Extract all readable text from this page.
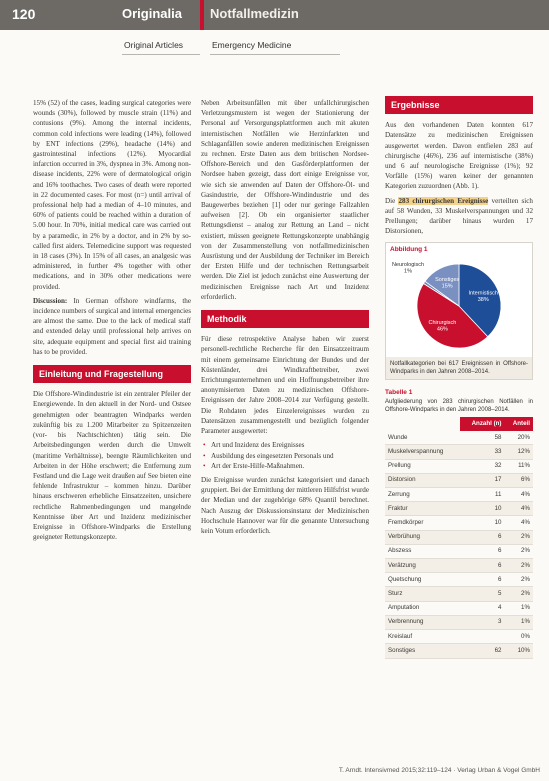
120	Originalia Notfallmedizin
Original Articles	Emergency Medicine

15% (52) of the cases, leading surgical categories were wounds (30%), followed by muscle strain (11%) and contusions (9%). Among the internal incidents, common cold infections were leading (14%), followed by ENT infections (29%), headache (14%) and gastrointestinal infections (12%). Myocardial infarction occurred in 3%, dyspnea in 3%. Among non-disease incidents, 22% were of dermatological origin and 16% toothaches. Two cases of death were reported in 22 documented cases. For most (n=) until arrival of professional help had a median of 4–10 minutes, and 60% of patients could be reached within a duration of 5.00 hour. In 70%, initial medical care was carried out by a paramedic, in 2% by a doctor, and in 2% by so-called first aiders. Telemedicine support was requested in 18 cases (3%). In 15% of all cases, an analgesic was administered, in further 4% together with other medications, and in 30% other medications were provided.

Discussion: In German offshore windfarms, the incidence numbers of surgical and internal emergencies are almost the same. Due to the lack of medical staff and extended delay until professional help arrives on site, adequate equipment and special first aid training has to be provided.

Einleitung und Fragestellung

Die Offshore-Windindustrie ist ein zentraler Pfeiler der Energiewende. In den aktuell in der Nord- und Ostsee genehmigten oder beantragten Windparks werden zukünftig bis zu 1.200 Mitarbeiter zu Spitzenzeiten (vor- bis Nachtschichten) tätig sein. Die Arbeitsbedingungen werden durch die Umwelt (maritime Verhältnisse), beengte Räumlichkeiten und Arbeiten in der Höhe erschwert; die Entfernung zum Festland und die Lage weit draußen auf See bieten eine fehlende Infrastruktur – kommen hinzu. Darüber hinaus erschweren erhebliche Einsatzzeiten, unsichere rechtliche Rahmenbedingungen und mangelnde Kenntnisse über Art und Inzidenz medizinischer Ereignisse in Offshore-Windparks die Erstellung geeigneter Rettungskonzepte.

Neben Arbeitsunfällen mit über unfallchirurgischen Verletzungsmustern ist wegen der Stationierung der Personal auf Versorgungsplattformen auch mit akuten internistischen Notfällen wie Herzinfarkten und Schlaganfällen sowie anderen medizinischen Ereignissen zu rechnen. Erste Daten aus dem britischen Nordsee-Offshore-Bereich und den Gasförderplattformen der Nordsee haben gezeigt, dass dort einige Ereignisse vor, wie sich sie anwenden auf Daten der Offshore-Öl- und Gasindustrie, der Offshore-Windindustrie und des Baugewerbes beziehen [1] oder nur geringe Fallzahlen aufweisen [2]. Ob ein organisierter staatlicher Rettungsdienst – analog zur Rettung an Land – nicht existiert, müssen geeignete Rettungskonzepte unabhängig von der Zusammenstellung von notfallmedizinischen Ausrüstung und der Ausbildung der Techniker im Bereich der Ersten Hilfe und der technischen Rettungsarbeit werden. Die Ziel ist jedoch zunächst eine Auswertung der medizinischen Ereignisse nach Art und Inzidenz erforderlich.

Methodik

Für diese retrospektive Analyse haben wir zuerst personell-rechtliche Recherche für den Einsatzzeitraum mit einem gemeinsame Einrichtung der Bundes und der Küstenländer, drei Windkraftbetreiber, zwei Errichtungsunternehmen und ein Hoffnungsbetreiber ihre anonymisierten Daten zu medizinischen Offshore-Ereignissen der Jahre 2008–2014 zur Verfügung gestellt. Die Rohdaten jedes Einzelereignisses wurden zu Datensätzen zusammengestellt und bezüglich folgender Parameter ausgewertet:

• Art und Inzidenz des Ereignisses
• Ausbildung des eingesetzten Personals und
• Art der Erste-Hilfe-Maßnahmen.

Die Ereignisse wurden zunächst kategorisiert und danach gruppiert. Bei der Ermittlung der mittleren Hilfsfrist wurde der Median und der zugehörige 68% Quantil berechnet. Nach Auszug der Diskussionsinstanz der Medizinischen Hochschule Hannover war für die genannte Untersuchung kein Votum erforderlich.

Ergebnisse

Aus den vorhandenen Daten konnten 617 Datensätze zu medizinischen Ereignissen ausgewertet werden. Davon entfielen 283 auf chirurgische (46%), 236 auf internistische (38%) und 6 auf neurologische Ereignisse (1%); 92 Vorfälle (15%) waren keiner der genannten Kategorien zuzuordnen (Abb. 1).

Die 283 chirurgischen Ereignisse verteilten sich auf 58 Wunden, 33 Muskelverspannungen und 32 Prellungen; darüber hinaus wurden 17 Distorsionen,

Abbildung 1
Chirurgisch 46%
Internistisch 38%
Neurologisch 1%
Sonstiges 15%
Notfallkategorien bei 617 Ereignissen in Offshore-Windparks in den Jahren 2008–2014.
Tabelle 1
Aufgliederung von 283 chirurgischen Notfällen in Offshore-Windparks in den Jahren 2008–2014.
	Anzahl (n)	Anteil
Wunde	58	20%
Muskelverspannung	33	12%
Prellung	32	11%
Distorsion	17	6%
Zerrung	11	4%
Fraktur	10	4%
Fremdkörper	10	4%
Verbrühung	6	2%
Abszess	6	2%
Verätzung	6	2%
Quetschung	6	2%
Sturz	5	2%
Amputation	4	1%
Verbrennung	3	1%
Kreislauf		0%
Sonstiges	62	10%
T. Arndt. Intensivmed 2015;32:119–124 · Verlag Urban & Vogel GmbH
